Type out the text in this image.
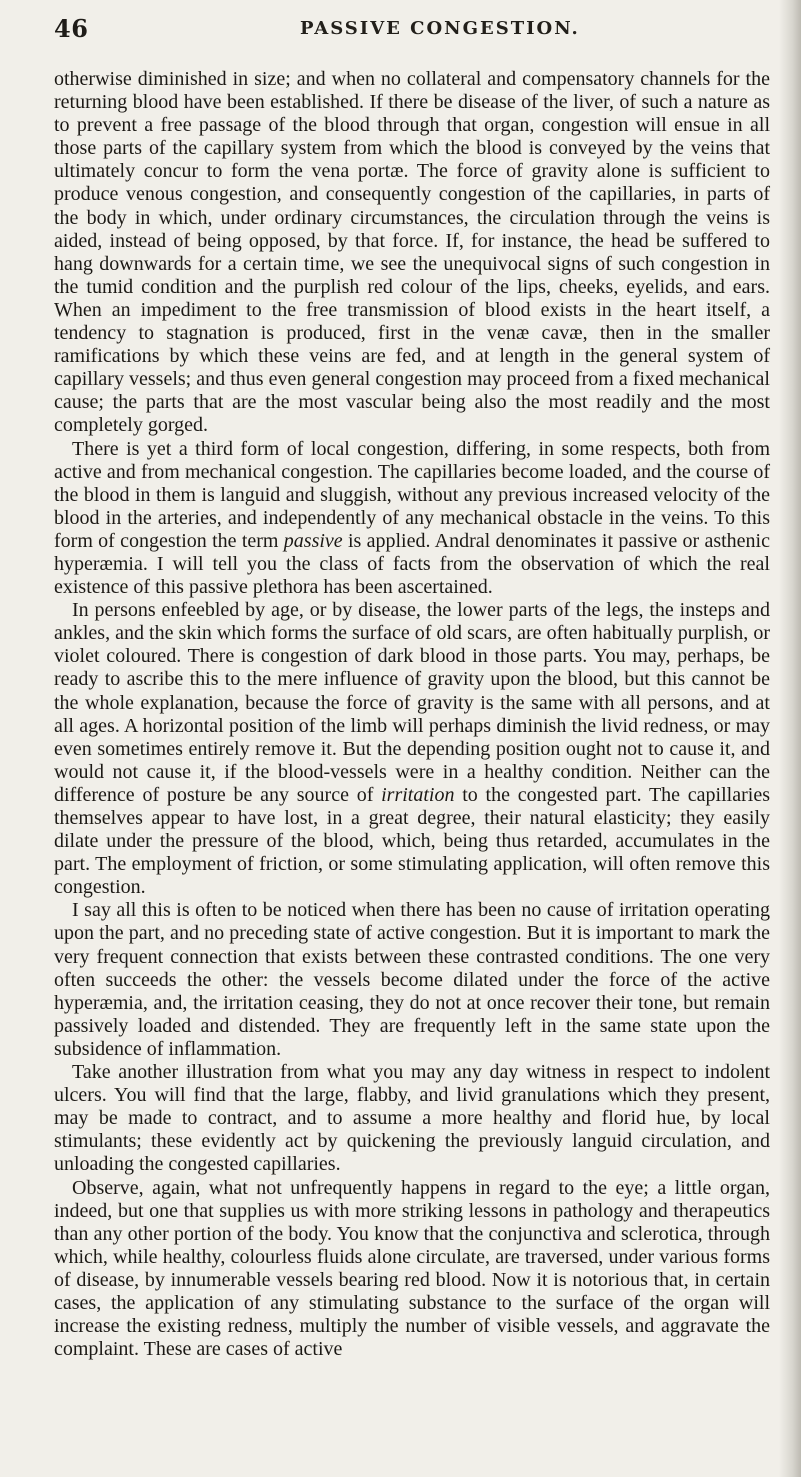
46	PASSIVE CONGESTION.

otherwise diminished in size; and when no collateral and compensatory channels for the returning blood have been established. If there be disease of the liver, of such a nature as to prevent a free passage of the blood through that organ, congestion will ensue in all those parts of the capillary system from which the blood is conveyed by the veins that ultimately concur to form the vena portæ. The force of gravity alone is sufficient to produce venous congestion, and consequently congestion of the capillaries, in parts of the body in which, under ordinary circumstances, the circulation through the veins is aided, instead of being opposed, by that force. If, for instance, the head be suffered to hang downwards for a certain time, we see the unequivocal signs of such congestion in the tumid condition and the purplish red colour of the lips, cheeks, eyelids, and ears. When an impediment to the free transmission of blood exists in the heart itself, a tendency to stagnation is produced, first in the venæ cavæ, then in the smaller ramifications by which these veins are fed, and at length in the general system of capillary vessels; and thus even general congestion may proceed from a fixed mechanical cause; the parts that are the most vascular being also the most readily and the most completely gorged.

There is yet a third form of local congestion, differing, in some respects, both from active and from mechanical congestion. The capillaries become loaded, and the course of the blood in them is languid and sluggish, without any previous increased velocity of the blood in the arteries, and independently of any mechanical obstacle in the veins. To this form of congestion the term passive is applied. Andral denominates it passive or asthenic hyperæmia. I will tell you the class of facts from the observation of which the real existence of this passive plethora has been ascertained.

In persons enfeebled by age, or by disease, the lower parts of the legs, the insteps and ankles, and the skin which forms the surface of old scars, are often habitually purplish, or violet coloured. There is congestion of dark blood in those parts. You may, perhaps, be ready to ascribe this to the mere influence of gravity upon the blood, but this cannot be the whole explanation, because the force of gravity is the same with all persons, and at all ages. A horizontal position of the limb will perhaps diminish the livid redness, or may even sometimes entirely remove it. But the depending position ought not to cause it, and would not cause it, if the blood-vessels were in a healthy condition. Neither can the difference of posture be any source of irritation to the congested part. The capillaries themselves appear to have lost, in a great degree, their natural elasticity; they easily dilate under the pressure of the blood, which, being thus retarded, accumulates in the part. The employment of friction, or some stimulating application, will often remove this congestion.

I say all this is often to be noticed when there has been no cause of irritation operating upon the part, and no preceding state of active congestion. But it is important to mark the very frequent connection that exists between these contrasted conditions. The one very often succeeds the other: the vessels become dilated under the force of the active hyperæmia, and, the irritation ceasing, they do not at once recover their tone, but remain passively loaded and distended. They are frequently left in the same state upon the subsidence of inflammation.

Take another illustration from what you may any day witness in respect to indolent ulcers. You will find that the large, flabby, and livid granulations which they present, may be made to contract, and to assume a more healthy and florid hue, by local stimulants; these evidently act by quickening the previously languid circulation, and unloading the congested capillaries.

Observe, again, what not unfrequently happens in regard to the eye; a little organ, indeed, but one that supplies us with more striking lessons in pathology and therapeutics than any other portion of the body. You know that the conjunctiva and sclerotica, through which, while healthy, colourless fluids alone circulate, are traversed, under various forms of disease, by innumerable vessels bearing red blood. Now it is notorious that, in certain cases, the application of any stimulating substance to the surface of the organ will increase the existing redness, multiply the number of visible vessels, and aggravate the complaint. These are cases of active
